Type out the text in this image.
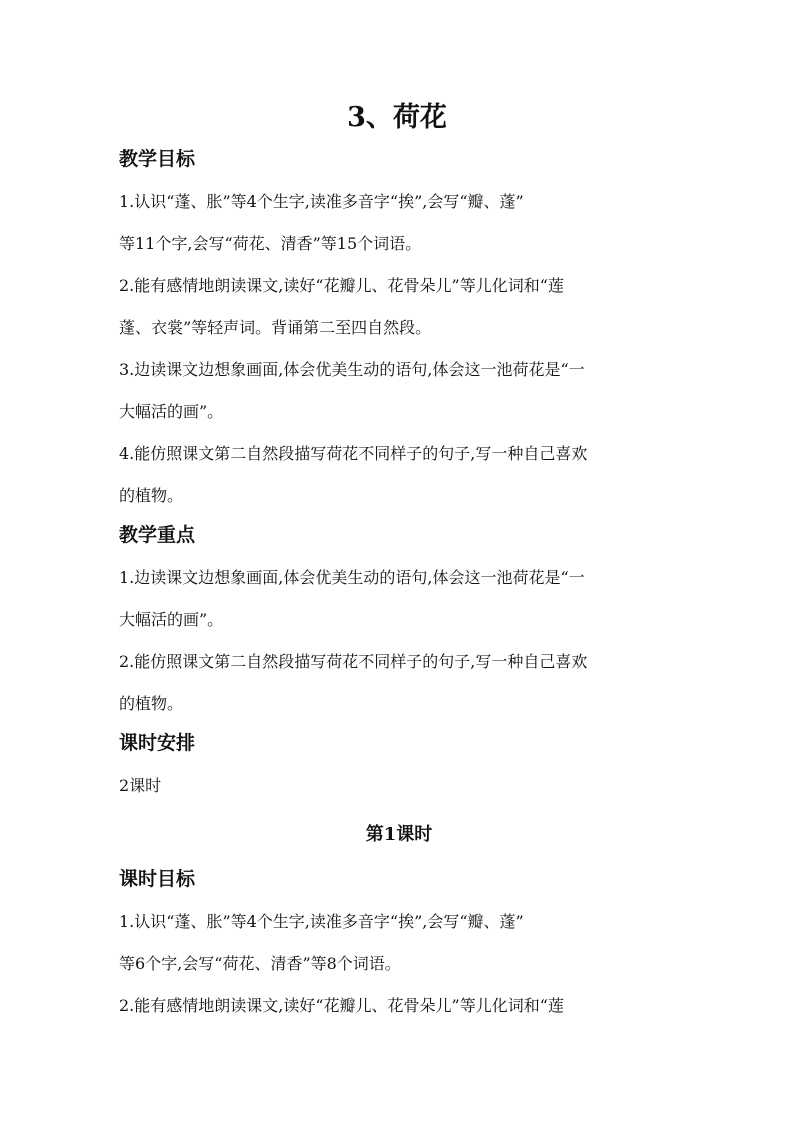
3、荷花
教学目标

1.认识“蓬、胀”等4个生字,读准多音字“挨”,会写“瓣、蓬”
等11个字,会写“荷花、清香”等15个词语。

2.能有感情地朗读课文,读好“花瓣儿、花骨朵儿”等儿化词和“莲
蓬、衣裳”等轻声词。背诵第二至四自然段。

3.边读课文边想象画面,体会优美生动的语句,体会这一池荷花是“一
大幅活的画”。

4.能仿照课文第二自然段描写荷花不同样子的句子,写一种自己喜欢
的植物。

教学重点

1.边读课文边想象画面,体会优美生动的语句,体会这一池荷花是“一
大幅活的画”。

2.能仿照课文第二自然段描写荷花不同样子的句子,写一种自己喜欢
的植物。

课时安排

2课时

第1课时
课时目标

1.认识“蓬、胀”等4个生字,读准多音字“挨”,会写“瓣、蓬”
等6个字,会写“荷花、清香”等8个词语。

2.能有感情地朗读课文,读好“花瓣儿、花骨朵儿”等儿化词和“莲
